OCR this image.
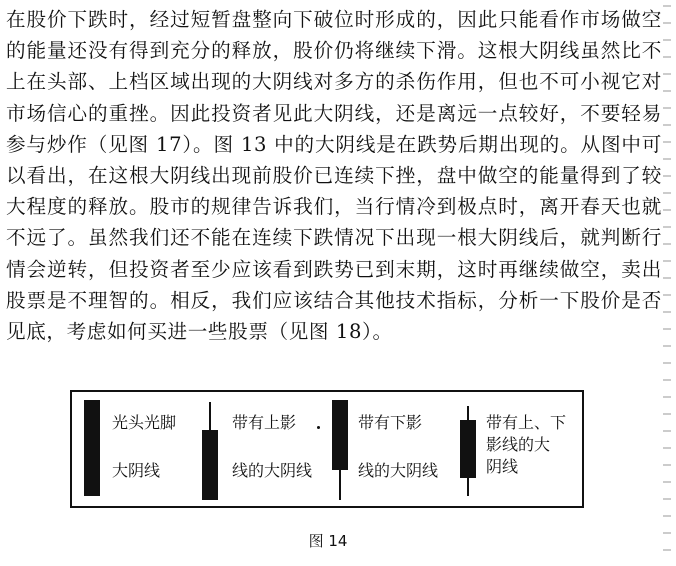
在股价下跌时，经过短暂盘整向下破位时形成的，因此只能看作市场做空的能量还没有得到充分的释放，股价仍将继续下滑。这根大阴线虽然比不上在头部、上档区域出现的大阴线对多方的杀伤作用，但也不可小视它对市场信心的重挫。因此投资者见此大阴线，还是离远一点较好，不要轻易参与炒作（见图 17）。图 13 中的大阴线是在跌势后期出现的。从图中可以看出，在这根大阴线出现前股价已连续下挫，盘中做空的能量得到了较大程度的释放。股市的规律告诉我们，当行情冷到极点时，离开春天也就不远了。虽然我们还不能在连续下跌情况下出现一根大阴线后，就判断行情会逆转，但投资者至少应该看到跌势已到末期，这时再继续做空，卖出股票是不理智的。相反，我们应该结合其他技术指标，分析一下股价是否见底，考虑如何买进一些股票（见图 18）。

光头光脚
大阴线
带有上影
线的大阴线
带有下影
线的大阴线
带有上、下
影线的大
阴线
图 14
